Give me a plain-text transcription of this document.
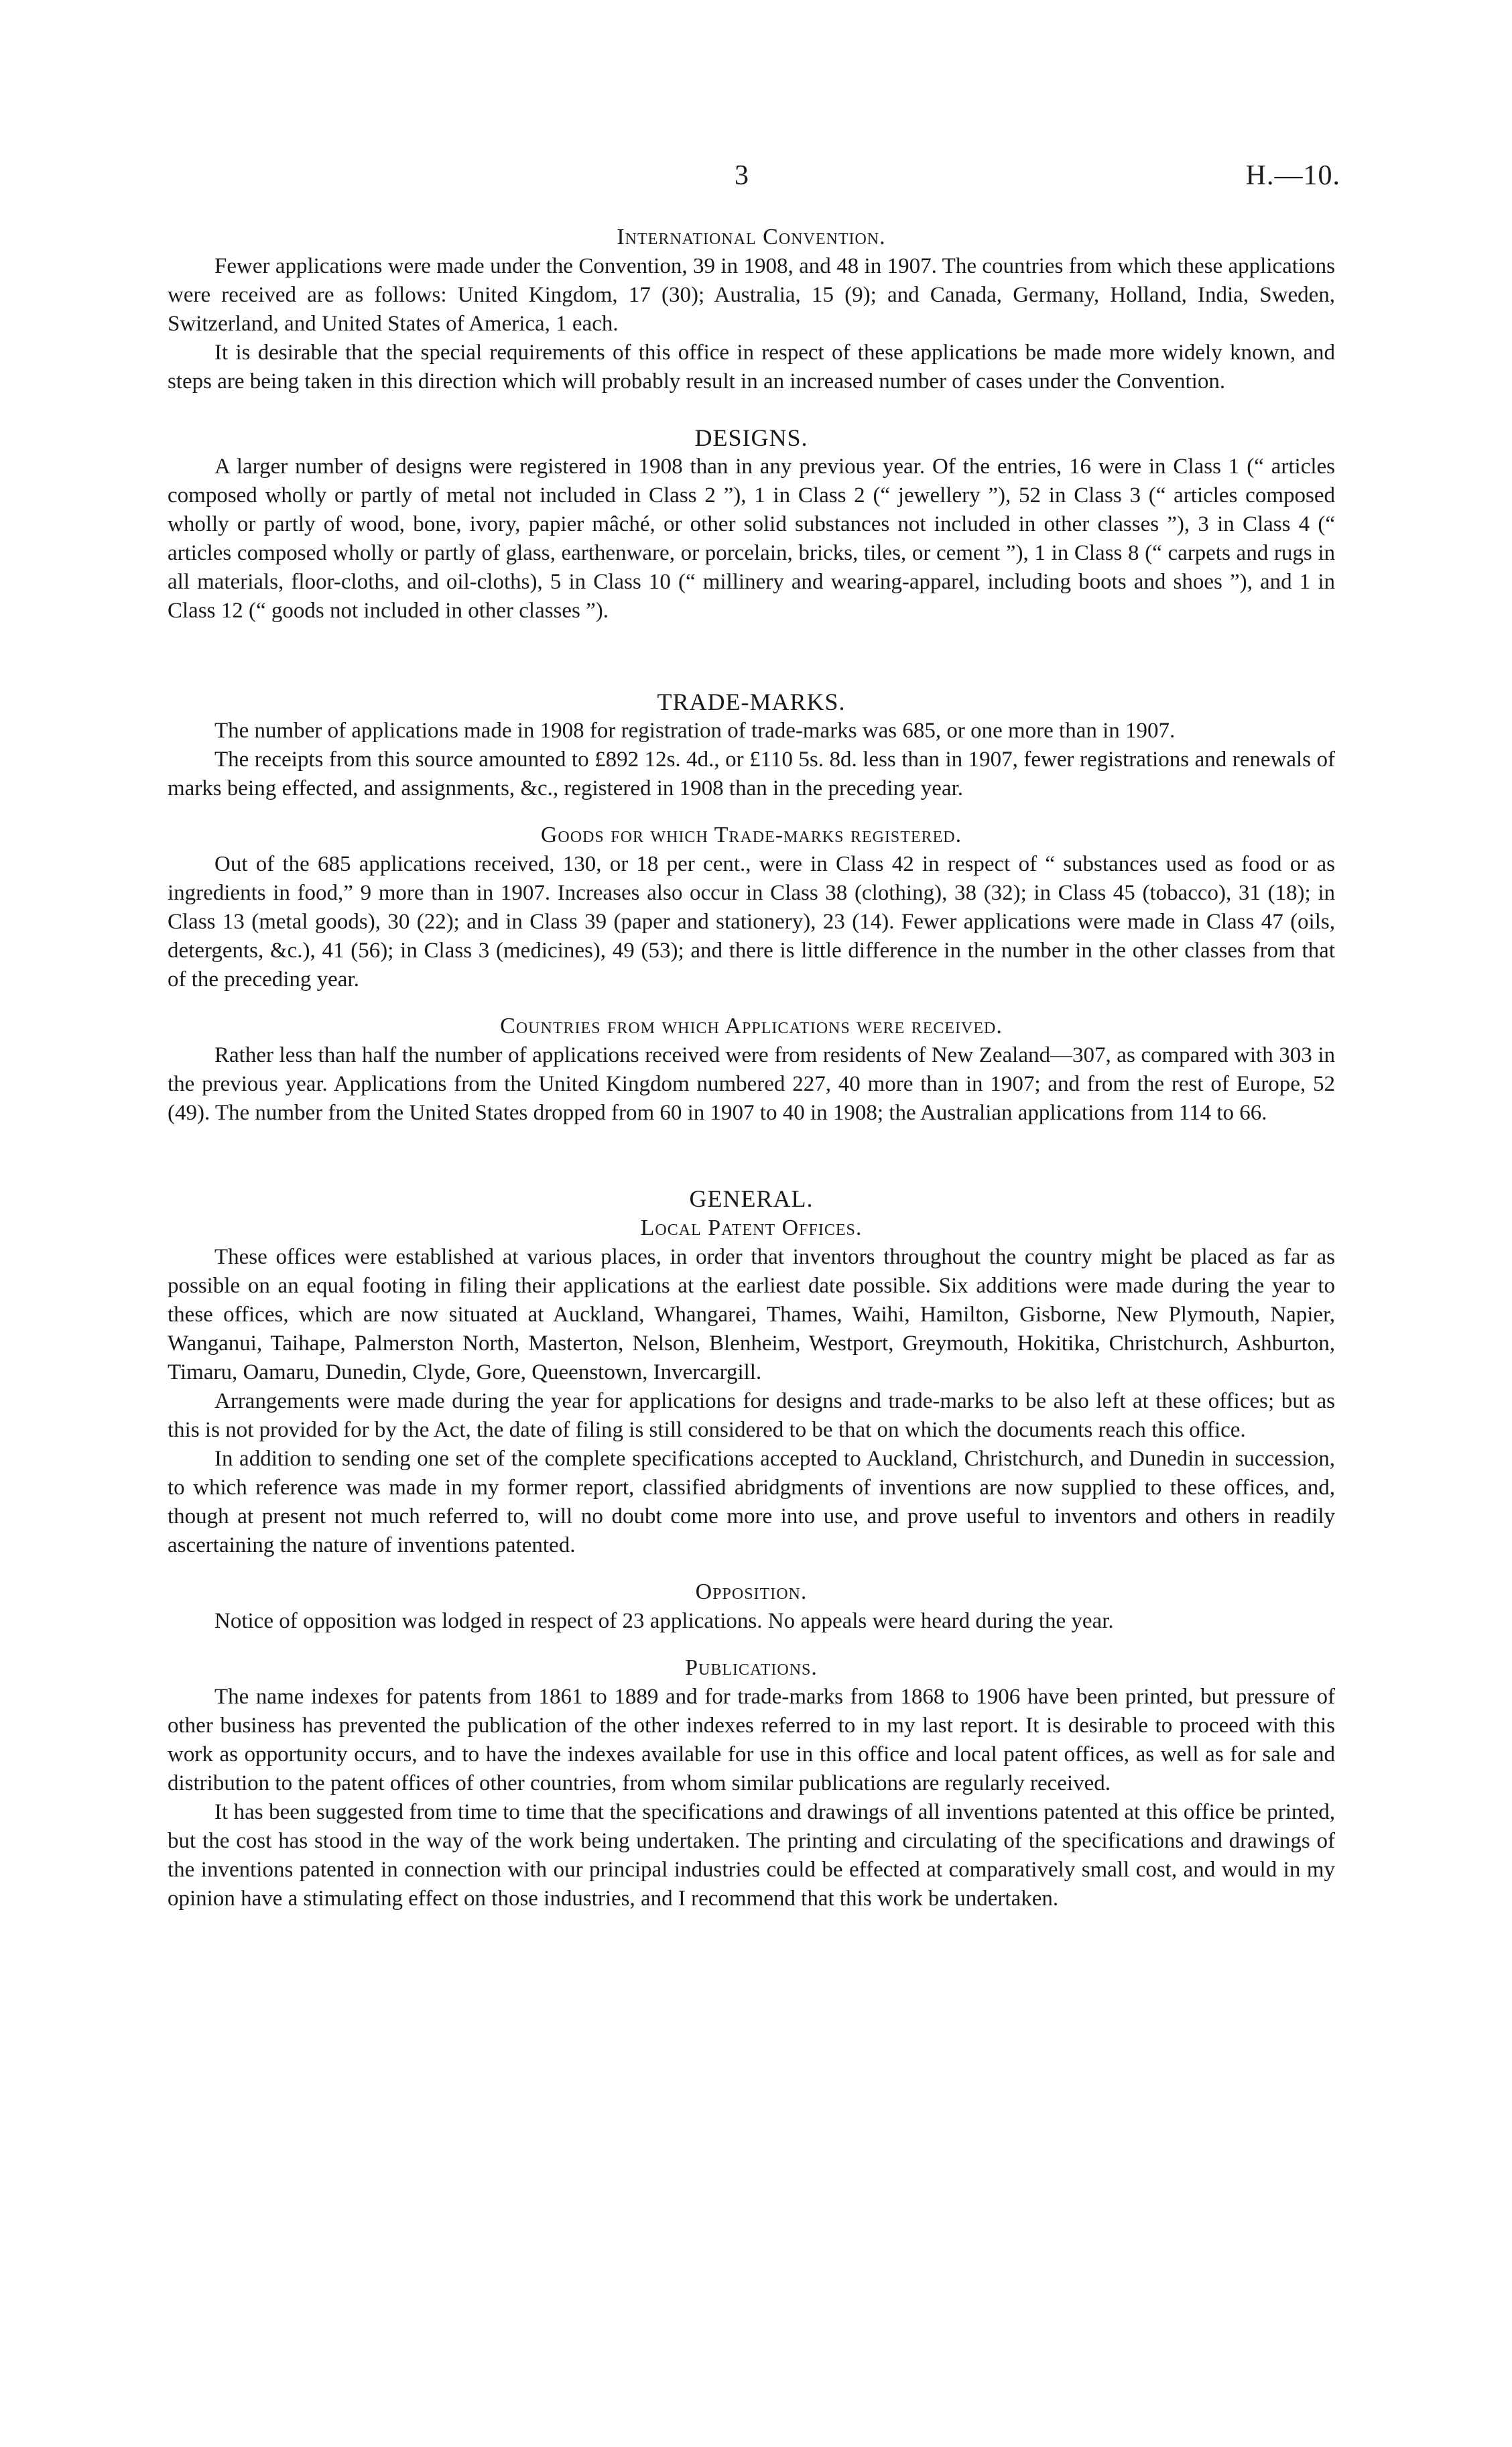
3	H.—10.
International Convention.

Fewer applications were made under the Convention, 39 in 1908, and 48 in 1907. The countries from which these applications were received are as follows: United Kingdom, 17 (30); Australia, 15 (9); and Canada, Germany, Holland, India, Sweden, Switzerland, and United States of America, 1 each.

It is desirable that the special requirements of this office in respect of these applications be made more widely known, and steps are being taken in this direction which will probably result in an increased number of cases under the Convention.

DESIGNS.

A larger number of designs were registered in 1908 than in any previous year. Of the entries, 16 were in Class 1 (“ articles composed wholly or partly of metal not included in Class 2 ”), 1 in Class 2 (“ jewellery ”), 52 in Class 3 (“ articles composed wholly or partly of wood, bone, ivory, papier mâché, or other solid substances not included in other classes ”), 3 in Class 4 (“ articles composed wholly or partly of glass, earthenware, or porcelain, bricks, tiles, or cement ”), 1 in Class 8 (“ carpets and rugs in all materials, floor-cloths, and oil-cloths), 5 in Class 10 (“ millinery and wearing-apparel, including boots and shoes ”), and 1 in Class 12 (“ goods not included in other classes ”).

TRADE-MARKS.

The number of applications made in 1908 for registration of trade-marks was 685, or one more than in 1907.

The receipts from this source amounted to £892 12s. 4d., or £110 5s. 8d. less than in 1907, fewer registrations and renewals of marks being effected, and assignments, &c., registered in 1908 than in the preceding year.

Goods for which Trade-marks registered.

Out of the 685 applications received, 130, or 18 per cent., were in Class 42 in respect of “ substances used as food or as ingredients in food,” 9 more than in 1907. Increases also occur in Class 38 (clothing), 38 (32); in Class 45 (tobacco), 31 (18); in Class 13 (metal goods), 30 (22); and in Class 39 (paper and stationery), 23 (14). Fewer applications were made in Class 47 (oils, detergents, &c.), 41 (56); in Class 3 (medicines), 49 (53); and there is little difference in the number in the other classes from that of the preceding year.

Countries from which Applications were received.

Rather less than half the number of applications received were from residents of New Zealand—307, as compared with 303 in the previous year. Applications from the United Kingdom numbered 227, 40 more than in 1907; and from the rest of Europe, 52 (49). The number from the United States dropped from 60 in 1907 to 40 in 1908; the Australian applications from 114 to 66.

GENERAL.
Local Patent Offices.

These offices were established at various places, in order that inventors throughout the country might be placed as far as possible on an equal footing in filing their applications at the earliest date possible. Six additions were made during the year to these offices, which are now situated at Auckland, Whangarei, Thames, Waihi, Hamilton, Gisborne, New Plymouth, Napier, Wanganui, Taihape, Palmerston North, Masterton, Nelson, Blenheim, Westport, Greymouth, Hokitika, Christchurch, Ashburton, Timaru, Oamaru, Dunedin, Clyde, Gore, Queenstown, Invercargill.

Arrangements were made during the year for applications for designs and trade-marks to be also left at these offices; but as this is not provided for by the Act, the date of filing is still considered to be that on which the documents reach this office.

In addition to sending one set of the complete specifications accepted to Auckland, Christchurch, and Dunedin in succession, to which reference was made in my former report, classified abridgments of inventions are now supplied to these offices, and, though at present not much referred to, will no doubt come more into use, and prove useful to inventors and others in readily ascertaining the nature of inventions patented.

Opposition.

Notice of opposition was lodged in respect of 23 applications. No appeals were heard during the year.

Publications.

The name indexes for patents from 1861 to 1889 and for trade-marks from 1868 to 1906 have been printed, but pressure of other business has prevented the publication of the other indexes referred to in my last report. It is desirable to proceed with this work as opportunity occurs, and to have the indexes available for use in this office and local patent offices, as well as for sale and distribution to the patent offices of other countries, from whom similar publications are regularly received.

It has been suggested from time to time that the specifications and drawings of all inventions patented at this office be printed, but the cost has stood in the way of the work being undertaken. The printing and circulating of the specifications and drawings of the inventions patented in connection with our principal industries could be effected at comparatively small cost, and would in my opinion have a stimulating effect on those industries, and I recommend that this work be undertaken.
